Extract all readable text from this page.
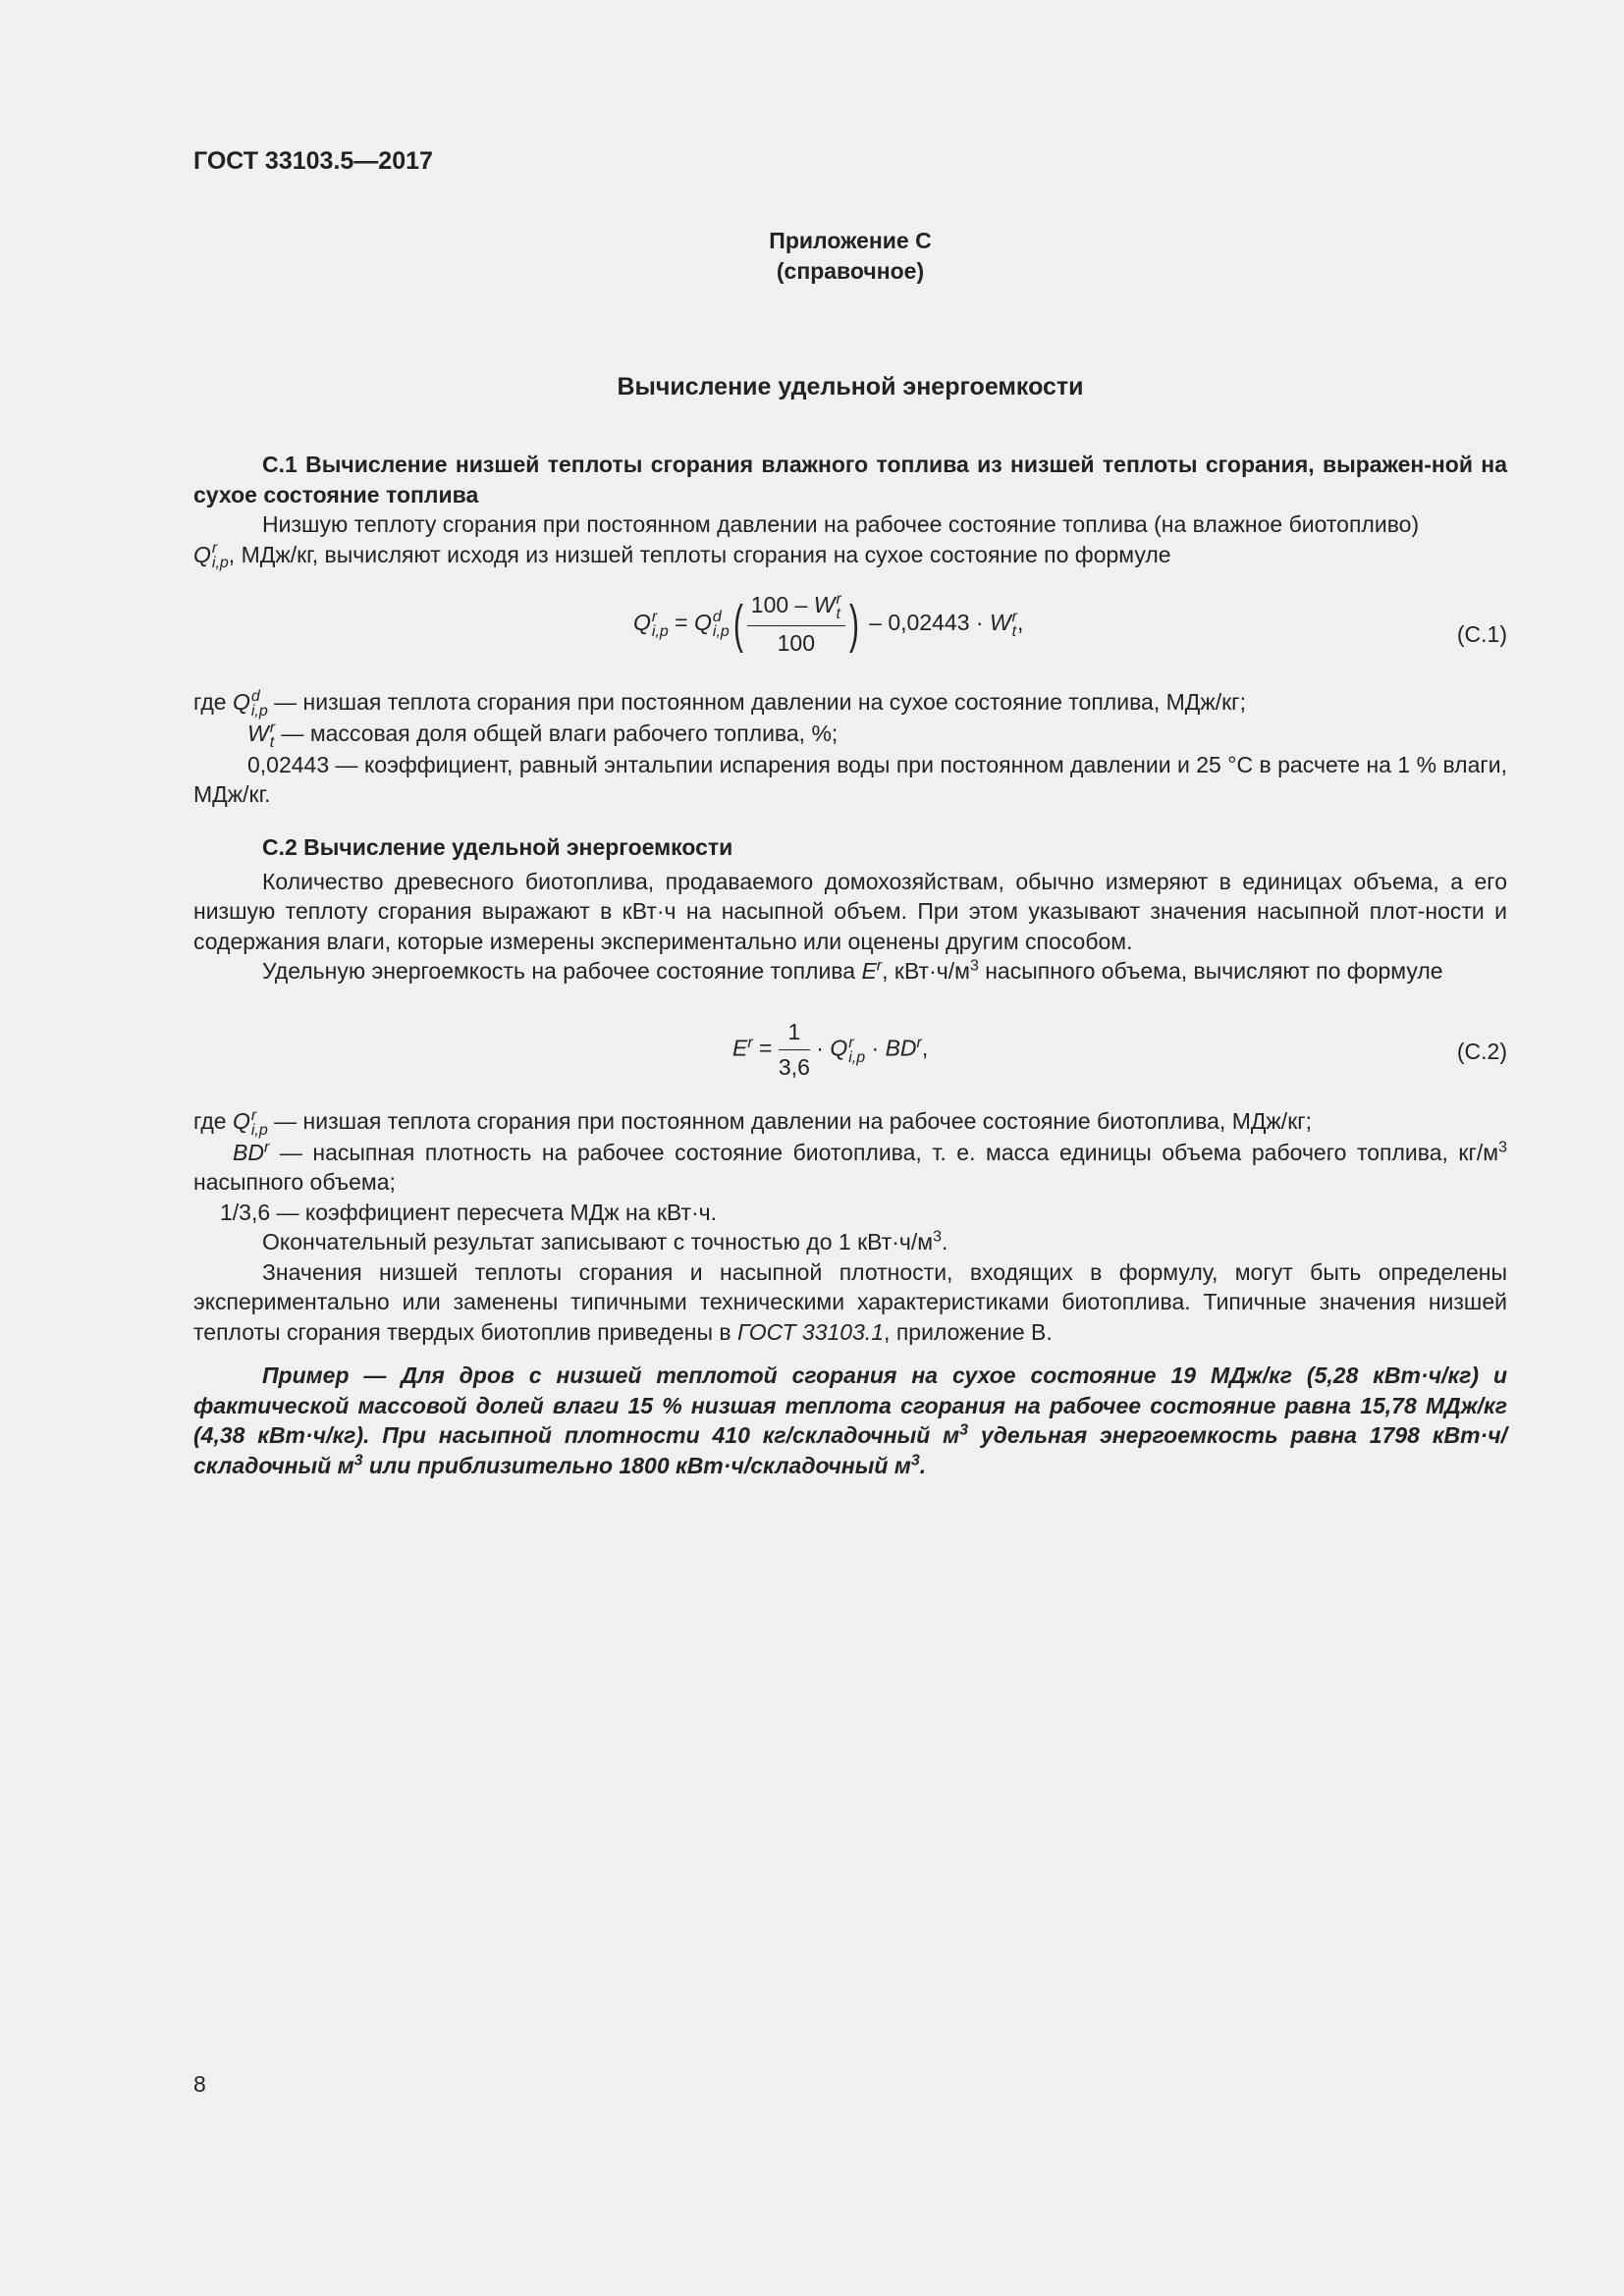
ГОСТ 33103.5—2017
Приложение С
(справочное)
Вычисление удельной энергоемкости

С.1 Вычисление низшей теплоты сгорания влажного топлива из низшей теплоты сгорания, выражен-ной на сухое состояние топлива

Низшую теплоту сгорания при постоянном давлении на рабочее состояние топлива (на влажное биотопливо)

Q r
i,p , МДж/кг, вычисляют исходя из низшей теплоты сгорания на сухое состояние по формуле

Q r
i,p = Q d
i,p ( 100 – W r
t
100 ) – 0,02443 · W r
t ,	(С.1)

где Q d
i,p — низшая теплота сгорания при постоянном давлении на сухое состояние топлива, МДж/кг;

W r
t — массовая доля общей влаги рабочего топлива, %;

0,02443 — коэффициент, равный энтальпии испарения воды при постоянном давлении и 25 °С в расчете на 1 % влаги, МДж/кг.

С.2 Вычисление удельной энергоемкости

Количество древесного биотоплива, продаваемого домохозяйствам, обычно измеряют в единицах объема, а его низшую теплоту сгорания выражают в кВт·ч на насыпной объем. При этом указывают значения насыпной плот-ности и содержания влаги, которые измерены экспериментально или оценены другим способом.

Удельную энергоемкость на рабочее состояние топлива $E^r$, $кВт\cdot ч/м^3$ насыпного объема, вычисляют по формуле

$E^r = \frac{1}{3,6} \cdot Q$ r
$i,p \cdot BD^r$,	(С.2)

где Q r
i,p — низшая теплота сгорания при постоянном давлении на рабочее состояние биотоплива, МДж/кг;

$BD^r$ — насыпная плотность на рабочее состояние биотоплива, т. е. масса единицы объема рабочего топлива, $кг/м^3$ насыпного объема;

1/3,6 — коэффициент пересчета МДж на кВт·ч.

Окончательный результат записывают с точностью до 1 $кВт\cdot ч/м^3$.

Значения низшей теплоты сгорания и насыпной плотности, входящих в формулу, могут быть определены экспериментально или заменены типичными техническими характеристиками биотоплива. Типичные значения низшей теплоты сгорания твердых биотоплив приведены в ГОСТ 33103.1, приложение В.

Пример — Для дров с низшей теплотой сгорания на сухое состояние 19 МДж/кг (5,28 кВт·ч/кг) и фактической массовой долей влаги 15 % низшая теплота сгорания на рабочее состояние равна 15,78 МДж/кг (4,38 кВт·ч/кг). При насыпной плотности 410 кг/складочный $м^3$ удельная энергоемкость равна 1798 кВт·ч/складочный $м^3$ или приблизительно 1800 кВт·ч/складочный $м^3$.

8
